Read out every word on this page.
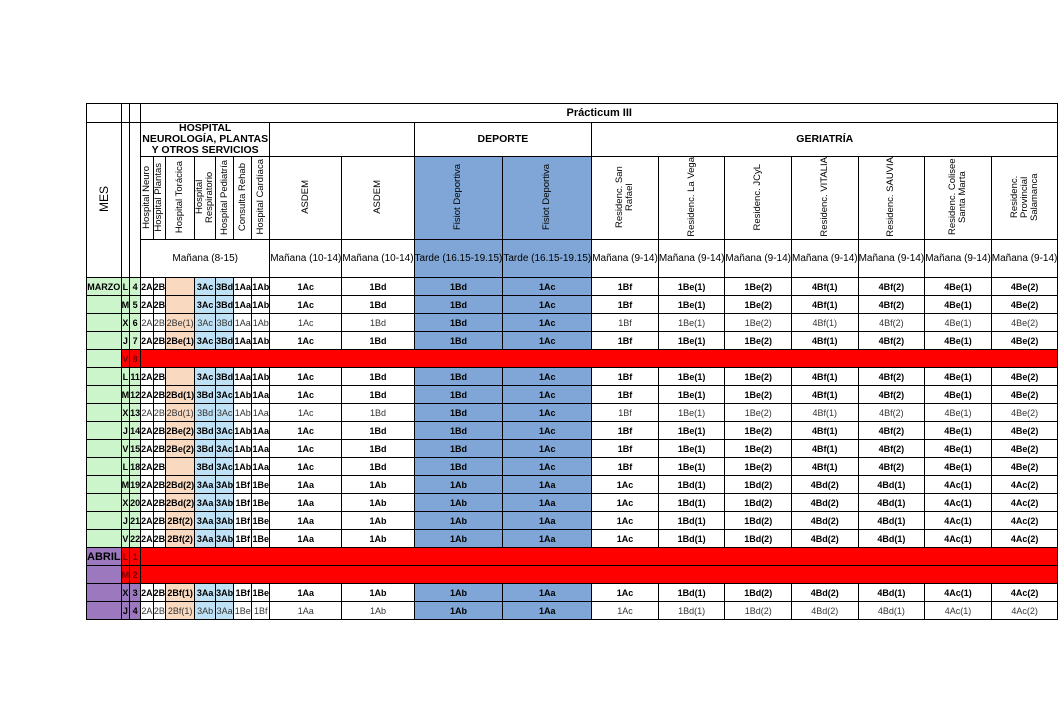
			Prácticum III																	
MES			HOSPITAL NEUROLOGÍA, PLANTAS Y OTROS SERVICIOS									DEPORTE		GERIATRÍA						
			Hospital Neuro	Hospital Plantas	Hospital Torácica	Hospital Respiratorio	Hospital Pediatría	Consulta Rehab	Hospital Cardíaca	ASDEM	ASDEM	Fisiot Deportiva	Fisiot Deportiva	Residenc. San Rafael	Residenc. La Vega	Residenc. JCyL	Residenc. VITALIA	Residenc. SAUVIA	Residenc. Colisee Santa Marta	Residenc. Provincial Salamanca
			Mañana (8-15)							Mañana (10-14)	Mañana (10-14)	Tarde (16.15-19.15)	Tarde (16.15-19.15)	Mañana (9-14)	Mañana (9-14)	Mañana (9-14)	Mañana (9-14)	Mañana (9-14)	Mañana (9-14)	Mañana (9-14)
MARZO	L	4	2A	2B		3Ac	3Bd	1Aa	1Ab	1Ac	1Bd	1Bd	1Ac	1Bf	1Be(1)	1Be(2)	4Bf(1)	4Bf(2)	4Be(1)	4Be(2)
	M	5	2A	2B		3Ac	3Bd	1Aa	1Ab	1Ac	1Bd	1Bd	1Ac	1Bf	1Be(1)	1Be(2)	4Bf(1)	4Bf(2)	4Be(1)	4Be(2)
	X	6	2A	2B	2Be(1)	3Ac	3Bd	1Aa	1Ab	1Ac	1Bd	1Bd	1Ac	1Bf	1Be(1)	1Be(2)	4Bf(1)	4Bf(2)	4Be(1)	4Be(2)
	J	7	2A	2B	2Be(1)	3Ac	3Bd	1Aa	1Ab	1Ac	1Bd	1Bd	1Ac	1Bf	1Be(1)	1Be(2)	4Bf(1)	4Bf(2)	4Be(1)	4Be(2)
	V	8																		
	L	11	2A	2B		3Ac	3Bd	1Aa	1Ab	1Ac	1Bd	1Bd	1Ac	1Bf	1Be(1)	1Be(2)	4Bf(1)	4Bf(2)	4Be(1)	4Be(2)
	M	12	2A	2B	2Bd(1)	3Bd	3Ac	1Ab	1Aa	1Ac	1Bd	1Bd	1Ac	1Bf	1Be(1)	1Be(2)	4Bf(1)	4Bf(2)	4Be(1)	4Be(2)
	X	13	2A	2B	2Bd(1)	3Bd	3Ac	1Ab	1Aa	1Ac	1Bd	1Bd	1Ac	1Bf	1Be(1)	1Be(2)	4Bf(1)	4Bf(2)	4Be(1)	4Be(2)
	J	14	2A	2B	2Be(2)	3Bd	3Ac	1Ab	1Aa	1Ac	1Bd	1Bd	1Ac	1Bf	1Be(1)	1Be(2)	4Bf(1)	4Bf(2)	4Be(1)	4Be(2)
	V	15	2A	2B	2Be(2)	3Bd	3Ac	1Ab	1Aa	1Ac	1Bd	1Bd	1Ac	1Bf	1Be(1)	1Be(2)	4Bf(1)	4Bf(2)	4Be(1)	4Be(2)
	L	18	2A	2B		3Bd	3Ac	1Ab	1Aa	1Ac	1Bd	1Bd	1Ac	1Bf	1Be(1)	1Be(2)	4Bf(1)	4Bf(2)	4Be(1)	4Be(2)
	M	19	2A	2B	2Bd(2)	3Aa	3Ab	1Bf	1Be	1Aa	1Ab	1Ab	1Aa	1Ac	1Bd(1)	1Bd(2)	4Bd(2)	4Bd(1)	4Ac(1)	4Ac(2)
	X	20	2A	2B	2Bd(2)	3Aa	3Ab	1Bf	1Be	1Aa	1Ab	1Ab	1Aa	1Ac	1Bd(1)	1Bd(2)	4Bd(2)	4Bd(1)	4Ac(1)	4Ac(2)
	J	21	2A	2B	2Bf(2)	3Aa	3Ab	1Bf	1Be	1Aa	1Ab	1Ab	1Aa	1Ac	1Bd(1)	1Bd(2)	4Bd(2)	4Bd(1)	4Ac(1)	4Ac(2)
	V	22	2A	2B	2Bf(2)	3Aa	3Ab	1Bf	1Be	1Aa	1Ab	1Ab	1Aa	1Ac	1Bd(1)	1Bd(2)	4Bd(2)	4Bd(1)	4Ac(1)	4Ac(2)
ABRIL	L	1																		
	M	2																		
	X	3	2A	2B	2Bf(1)	3Aa	3Ab	1Bf	1Be	1Aa	1Ab	1Ab	1Aa	1Ac	1Bd(1)	1Bd(2)	4Bd(2)	4Bd(1)	4Ac(1)	4Ac(2)
	J	4	2A	2B	2Bf(1)	3Ab	3Aa	1Be	1Bf	1Aa	1Ab	1Ab	1Aa	1Ac	1Bd(1)	1Bd(2)	4Bd(2)	4Bd(1)	4Ac(1)	4Ac(2)
